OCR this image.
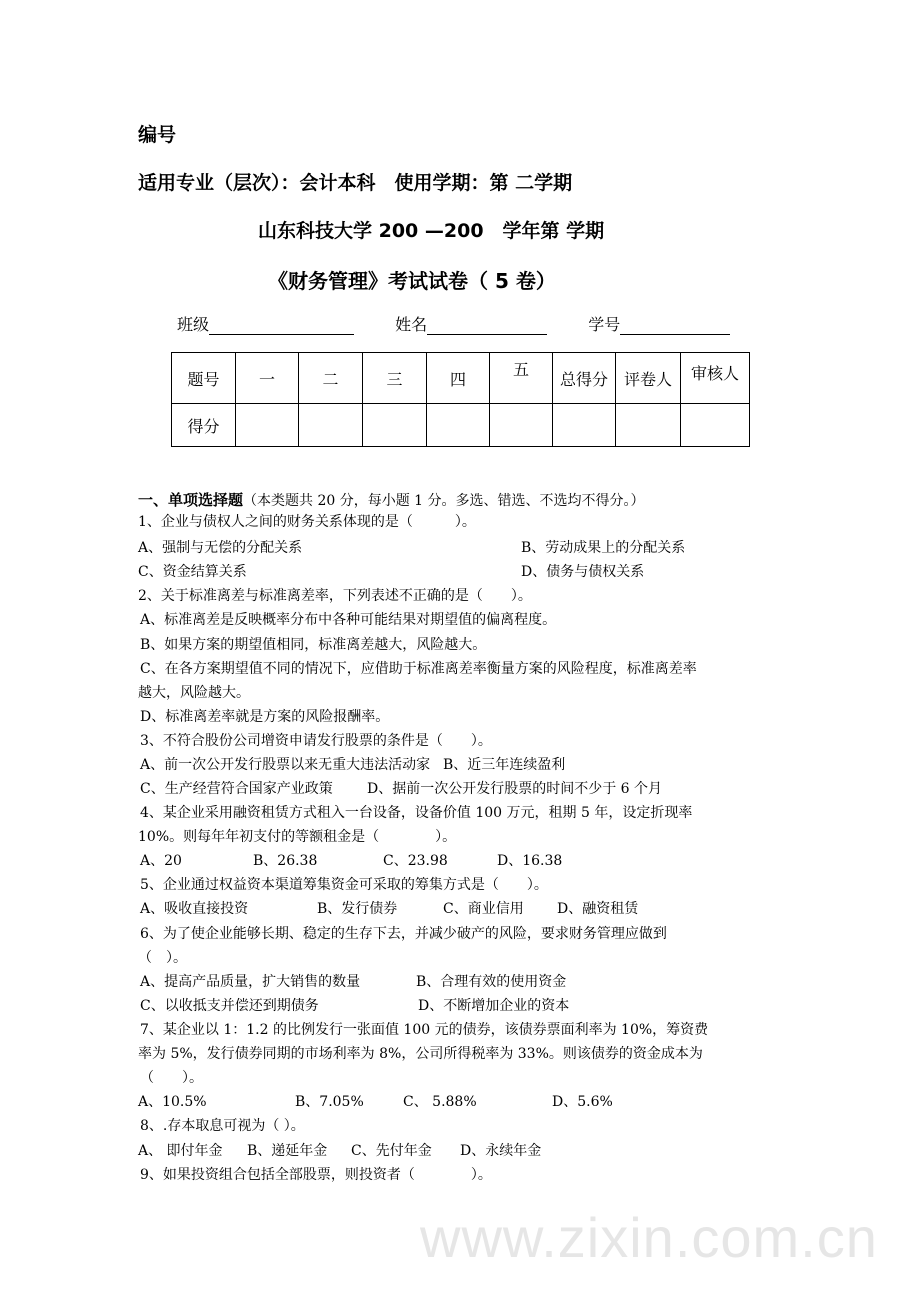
www.zixin.com.cn
编号
适用专业（层次）：会计本科　使用学期：第 二学期
山东科技大学 200 —200　学年第 学期
《财务管理》考试试卷（ 5 卷）
班级	姓名	学号
题号	一	二	三	四	五	总得分	评卷人	审核人
得分								
一、单项选择题（本类题共 20 分，每小题 1 分。多选、错选、不选均不得分。）
1、企业与债权人之间的财务关系体现的是（　　　）。
A、强制与无偿的分配关系	B、劳动成果上的分配关系
C、资金结算关系	D、债务与债权关系
2、关于标准离差与标准离差率，下列表述不正确的是（　　）。
A、标准离差是反映概率分布中各种可能结果对期望值的偏离程度。
B、如果方案的期望值相同，标准离差越大，风险越大。
C、在各方案期望值不同的情况下，应借助于标准离差率衡量方案的风险程度，标准离差率
越大，风险越大。
D、标准离差率就是方案的风险报酬率。
3、不符合股份公司增资申请发行股票的条件是（　　）。
A、前一次公开发行股票以来无重大违法活动家 B、近三年连续盈利
C、生产经营符合国家产业政策 D、据前一次公开发行股票的时间不少于 6 个月
4、某企业采用融资租赁方式租入一台设备，设备价值 100 万元，租期 5 年，设定折现率
10%。则每年年初支付的等额租金是（　　　　）。
A、20	B、26.38	C、23.98	D、16.38
5、企业通过权益资本渠道筹集资金可采取的筹集方式是（　　）。
A、吸收直接投资	B、发行债券	C、商业信用 D、融资租赁
6、为了使企业能够长期、稳定的生存下去，并减少破产的风险，要求财务管理应做到
（　）。
A、提高产品质量，扩大销售的数量	B、合理有效的使用资金
C、以收抵支并偿还到期债务	D、不断增加企业的资本
7、某企业以 1：1.2 的比例发行一张面值 100 元的债券，该债券票面利率为 10%，筹资费
率为 5%，发行债券同期的市场利率为 8%，公司所得税率为 33%。则该债券的资金成本为
（　　）。
A、10.5%	B、7.05%	C、 5.88%	D、5.6%
8、.存本取息可视为（ ）。
A、 即付年金 B、递延年金 C、先付年金 D、永续年金
9、如果投资组合包括全部股票，则投资者（　　　　）。
